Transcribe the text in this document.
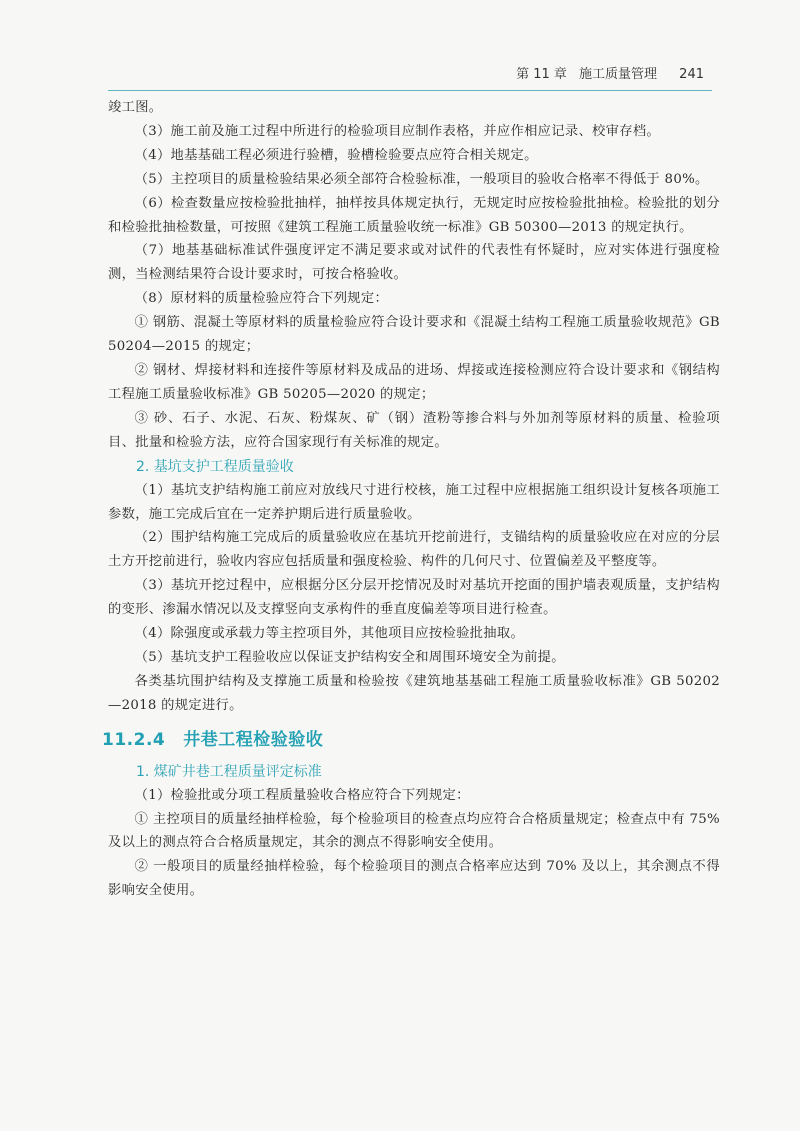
第 11 章 施工质量管理 241

竣工图。

（3）施工前及施工过程中所进行的检验项目应制作表格，并应作相应记录、校审存档。

（4）地基基础工程必须进行验槽，验槽检验要点应符合相关规定。

（5）主控项目的质量检验结果必须全部符合检验标准，一般项目的验收合格率不得低于 80%。

（6）检查数量应按检验批抽样，抽样按具体规定执行，无规定时应按检验批抽检。检验批的划分和检验批抽检数量，可按照《建筑工程施工质量验收统一标准》GB 50300—2013 的规定执行。

（7）地基基础标准试件强度评定不满足要求或对试件的代表性有怀疑时，应对实体进行强度检测，当检测结果符合设计要求时，可按合格验收。

（8）原材料的质量检验应符合下列规定：

① 钢筋、混凝土等原材料的质量检验应符合设计要求和《混凝土结构工程施工质量验收规范》GB 50204—2015 的规定；

② 钢材、焊接材料和连接件等原材料及成品的进场、焊接或连接检测应符合设计要求和《钢结构工程施工质量验收标准》GB 50205—2020 的规定；

③ 砂、石子、水泥、石灰、粉煤灰、矿（钢）渣粉等掺合料与外加剂等原材料的质量、检验项目、批量和检验方法，应符合国家现行有关标准的规定。

2. 基坑支护工程质量验收

（1）基坑支护结构施工前应对放线尺寸进行校核，施工过程中应根据施工组织设计复核各项施工参数，施工完成后宜在一定养护期后进行质量验收。

（2）围护结构施工完成后的质量验收应在基坑开挖前进行，支锚结构的质量验收应在对应的分层土方开挖前进行，验收内容应包括质量和强度检验、构件的几何尺寸、位置偏差及平整度等。

（3）基坑开挖过程中，应根据分区分层开挖情况及时对基坑开挖面的围护墙表观质量，支护结构的变形、渗漏水情况以及支撑竖向支承构件的垂直度偏差等项目进行检查。

（4）除强度或承载力等主控项目外，其他项目应按检验批抽取。

（5）基坑支护工程验收应以保证支护结构安全和周围环境安全为前提。

各类基坑围护结构及支撑施工质量和检验按《建筑地基基础工程施工质量验收标准》GB 50202—2018 的规定进行。

11.2.4 井巷工程检验验收
1. 煤矿井巷工程质量评定标准

（1）检验批或分项工程质量验收合格应符合下列规定：

① 主控项目的质量经抽样检验，每个检验项目的检查点均应符合合格质量规定；检查点中有 75% 及以上的测点符合合格质量规定，其余的测点不得影响安全使用。

② 一般项目的质量经抽样检验，每个检验项目的测点合格率应达到 70% 及以上，其余测点不得影响安全使用。
